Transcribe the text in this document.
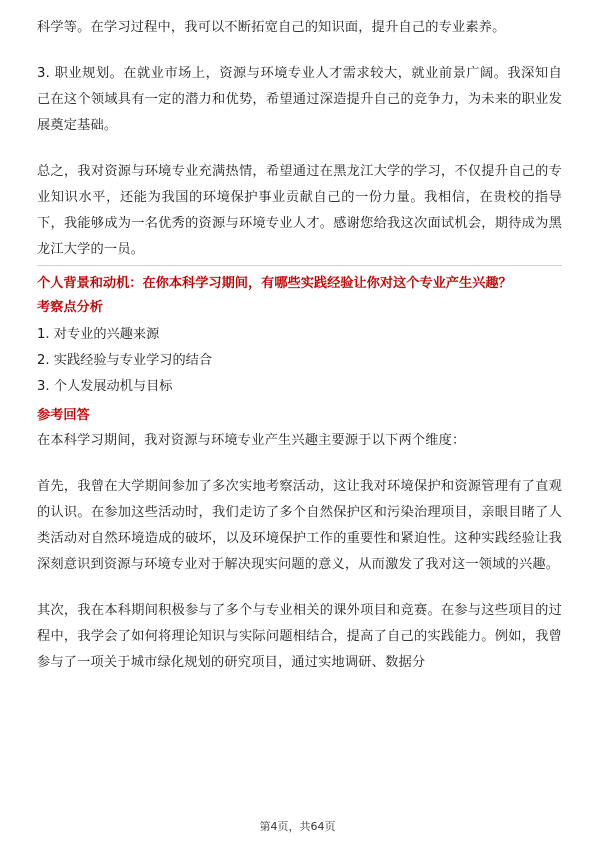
科学等。在学习过程中，我可以不断拓宽自己的知识面，提升自己的专业素养。

3. 职业规划。在就业市场上，资源与环境专业人才需求较大，就业前景广阔。我深知自己在这个领域具有一定的潜力和优势，希望通过深造提升自己的竞争力，为未来的职业发展奠定基础。

总之，我对资源与环境专业充满热情，希望通过在黑龙江大学的学习，不仅提升自己的专业知识水平，还能为我国的环境保护事业贡献自己的一份力量。我相信，在贵校的指导下，我能够成为一名优秀的资源与环境专业人才。感谢您给我这次面试机会，期待成为黑龙江大学的一员。

个人背景和动机：在你本科学习期间，有哪些实践经验让你对这个专业产生兴趣？
考察点分析
1. 对专业的兴趣来源
2. 实践经验与专业学习的结合
3. 个人发展动机与目标
参考回答

在本科学习期间，我对资源与环境专业产生兴趣主要源于以下两个维度：

首先，我曾在大学期间参加了多次实地考察活动，这让我对环境保护和资源管理有了直观的认识。在参加这些活动时，我们走访了多个自然保护区和污染治理项目，亲眼目睹了人类活动对自然环境造成的破坏，以及环境保护工作的重要性和紧迫性。这种实践经验让我深刻意识到资源与环境专业对于解决现实问题的意义，从而激发了我对这一领域的兴趣。

其次，我在本科期间积极参与了多个与专业相关的课外项目和竞赛。在参与这些项目的过程中，我学会了如何将理论知识与实际问题相结合，提高了自己的实践能力。例如，我曾参与了一项关于城市绿化规划的研究项目，通过实地调研、数据分

第4页，共64页
